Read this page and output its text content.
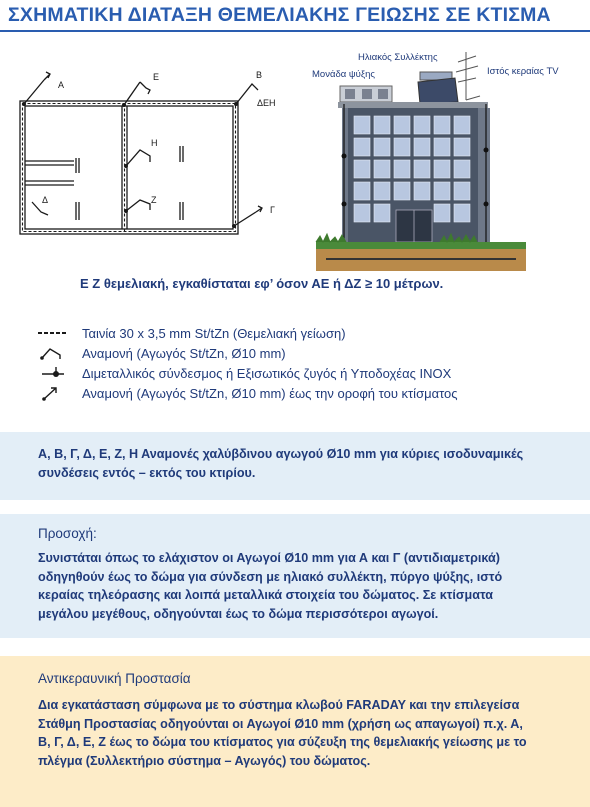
ΣΧΗΜΑΤΙΚΗ ΔΙΑΤΑΞΗ ΘΕΜΕΛΙΑΚΗΣ ΓΕΙΩΣΗΣ ΣΕ ΚΤΙΣΜΑ
Α
Ε	Β
ΔΕΗ
Η
Δ	Ζ
Γ
Ηλιακός Συλλέκτης
Μονάδα ψύξης	Ιστός κεραίας TV
Ε Ζ θεμελιακή, εγκαθίσταται εφ’ όσον ΑΕ ή ΔΖ ≥ 10 μέτρων.
Ταινία 30 x 3,5 mm St/tZn (Θεμελιακή γείωση)
Αναμονή (Αγωγός St/tZn, Ø10 mm)
Διμεταλλικός σύνδεσμος ή Εξισωτικός ζυγός ή Υποδοχέας ΙΝΟΧ
Αναμονή (Αγωγός St/tZn, Ø10 mm) έως την οροφή του κτίσματος

Α, Β, Γ, Δ, Ε, Ζ, Η Αναμονές χαλύβδινου αγωγού Ø10 mm για κύριες ισοδυναμικές
συνδέσεις εντός – εκτός του κτιρίου.

Προσοχή:

Συνιστάται όπως το ελάχιστον οι Αγωγοί Ø10 mm για Α και Γ (αντιδιαμετρικά)
οδηγηθούν έως το δώμα για σύνδεση με ηλιακό συλλέκτη, πύργο ψύξης, ιστό
κεραίας τηλεόρασης και λοιπά μεταλλικά στοιχεία του δώματος. Σε κτίσματα
μεγάλου μεγέθους, οδηγούνται έως το δώμα περισσότεροι αγωγοί.

Αντικεραυνική Προστασία

Δια εγκατάσταση σύμφωνα με το σύστημα κλωβού FARADAY και την επιλεγείσα
Στάθμη Προστασίας οδηγούνται οι Αγωγοί Ø10 mm (χρήση ως απαγωγοί) π.χ. Α,
Β, Γ, Δ, Ε, Ζ έως το δώμα του κτίσματος για σύζευξη της θεμελιακής γείωσης με το
πλέγμα (Συλλεκτήριο σύστημα – Αγωγός) του δώματος.
